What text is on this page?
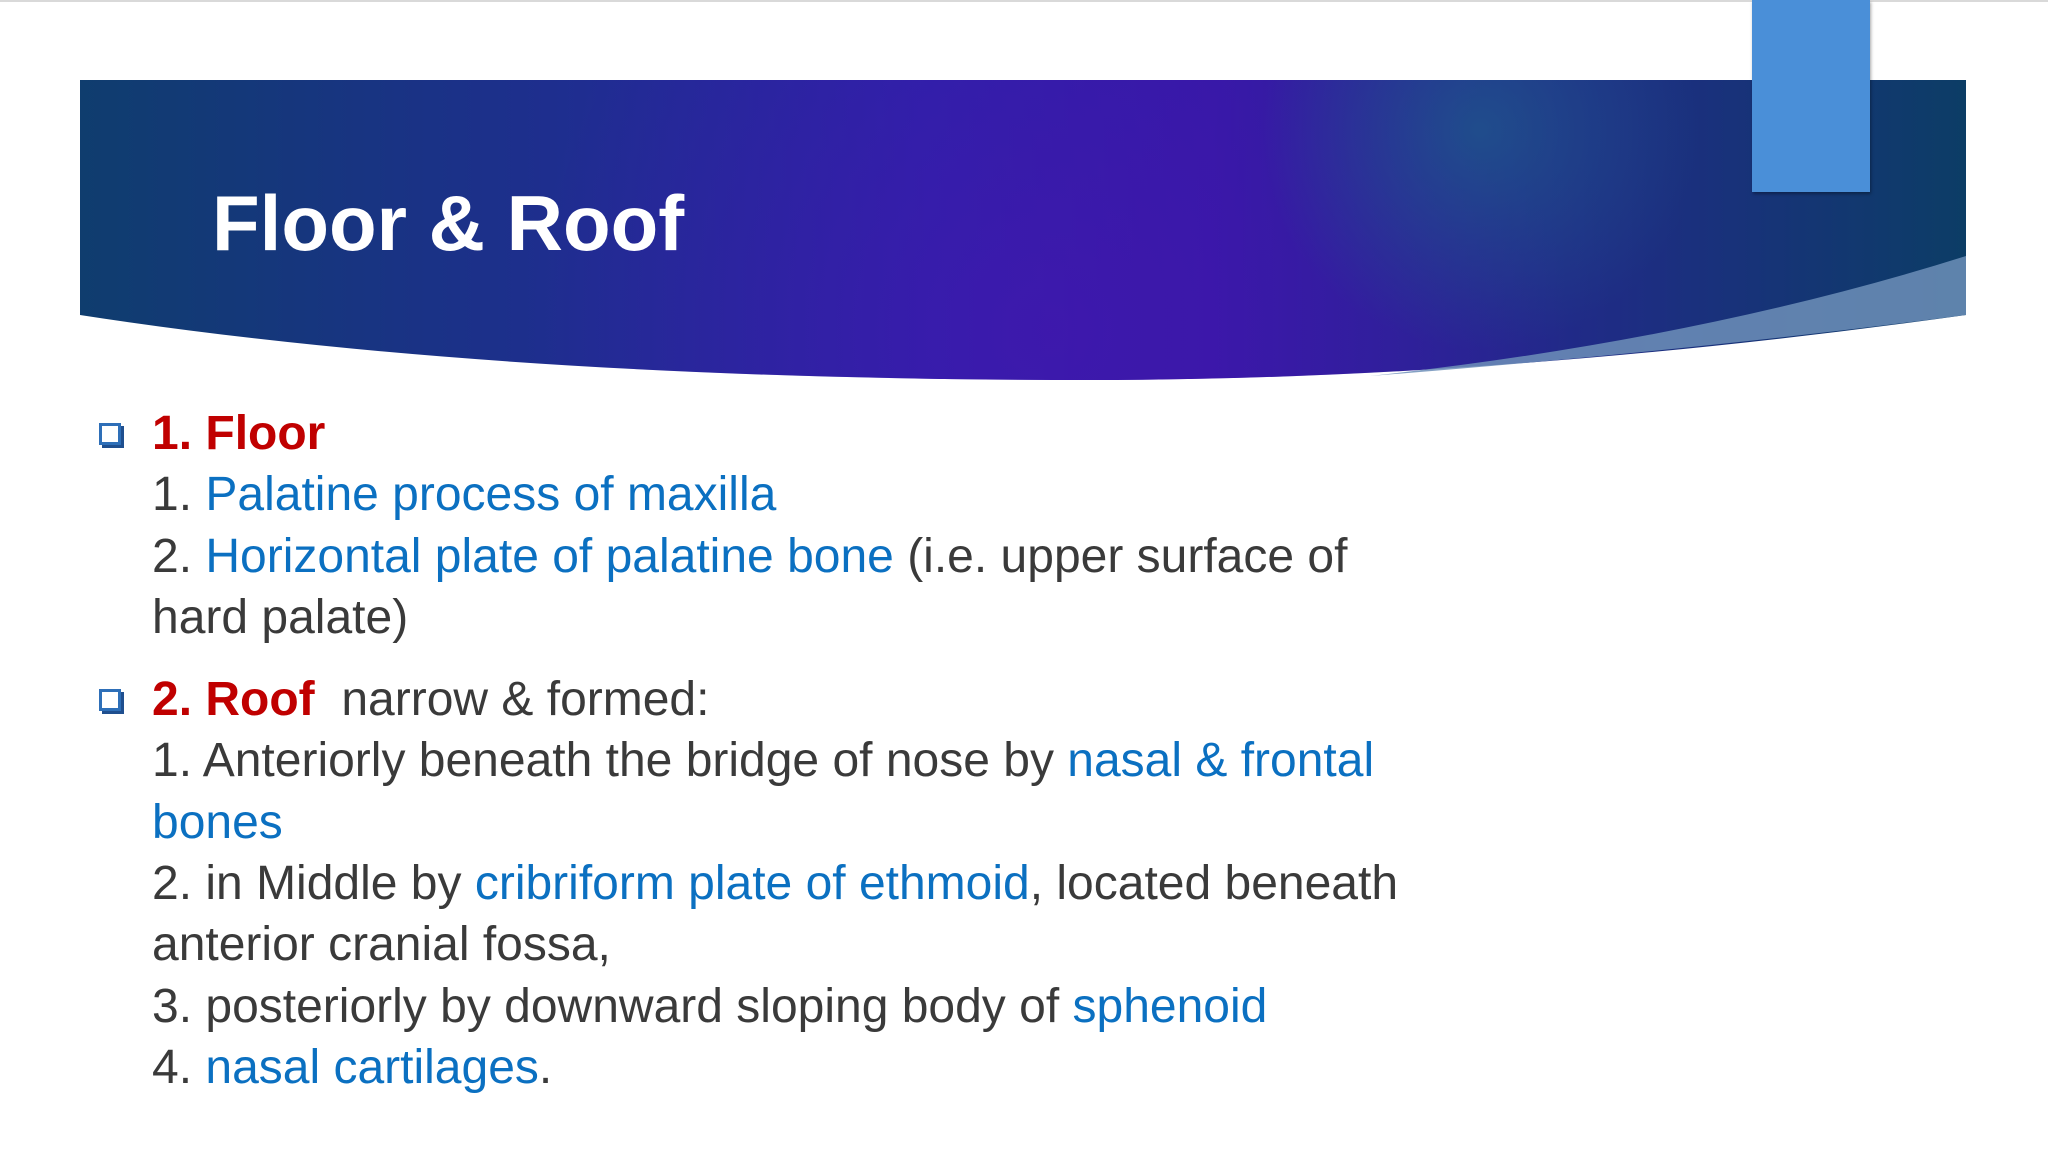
Floor & Roof

1. Floor

1. Palatine process of maxilla

2. Horizontal plate of palatine bone (i.e. upper surface of

hard palate)

2. Roof  narrow & formed:

1. Anteriorly beneath the bridge of nose by nasal & frontal

bones

2. in Middle by cribriform plate of ethmoid, located beneath

anterior cranial fossa,

3. posteriorly by downward sloping body of sphenoid

4. nasal cartilages.
